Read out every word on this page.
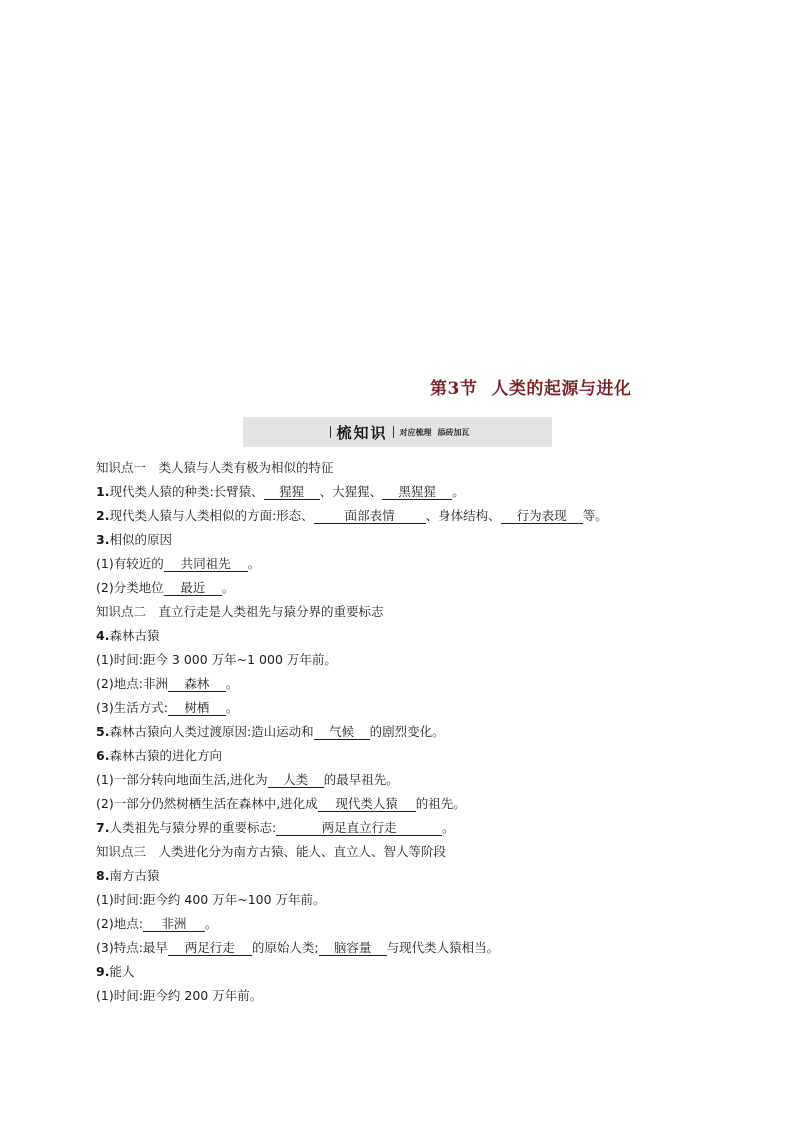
第3节 人类的起源与进化
梳知识 对应梳理 添砖加瓦
知识点一　类人猿与人类有极为相似的特征
1.现代类人猿的种类:长臂猿、 猩猩 、大猩猩、 黑猩猩 。
2.现代类人猿与人类相似的方面:形态、 面部表情 、身体结构、 行为表现 等。
3.相似的原因
(1)有较近的 共同祖先 。
(2)分类地位 最近 。
知识点二　直立行走是人类祖先与猿分界的重要标志
4.森林古猿
(1)时间:距今 3 000 万年~1 000 万年前。
(2)地点:非洲 森林 。
(3)生活方式: 树栖 。
5.森林古猿向人类过渡原因:造山运动和 气候 的剧烈变化。
6.森林古猿的进化方向
(1)一部分转向地面生活,进化为 人类 的最早祖先。
(2)一部分仍然树栖生活在森林中,进化成 现代类人猿 的祖先。
7.人类祖先与猿分界的重要标志:	两足直立行走	。
知识点三　人类进化分为南方古猿、能人、直立人、智人等阶段
8.南方古猿
(1)时间:距今约 400 万年~100 万年前。
(2)地点: 非洲 。
(3)特点:最早 两足行走 的原始人类; 脑容量 与现代类人猿相当。
9.能人
(1)时间:距今约 200 万年前。
